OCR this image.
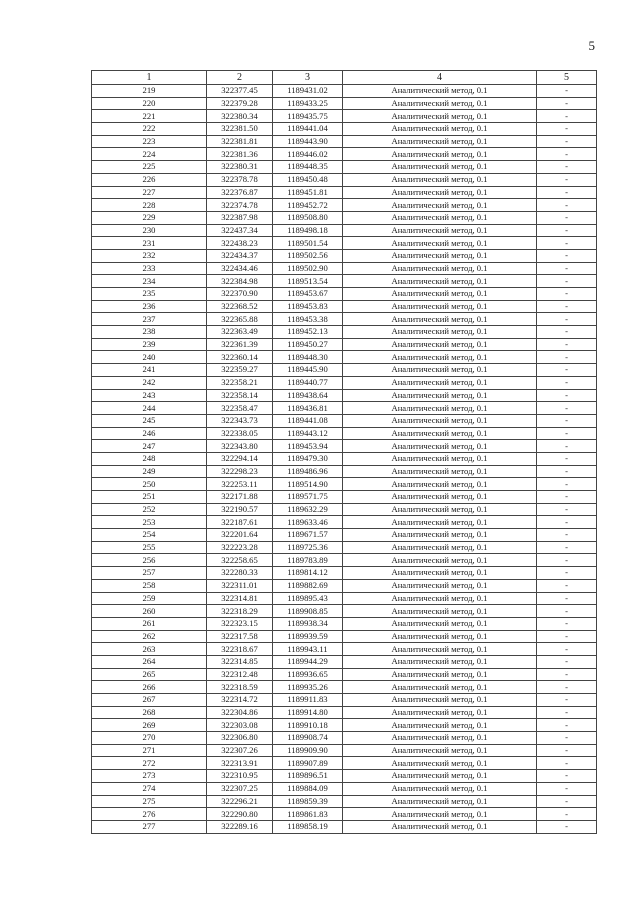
5
1	2	3	4	5
219	322377.45	1189431.02	Аналитический метод, 0.1	-
220	322379.28	1189433.25	Аналитический метод, 0.1	-
221	322380.34	1189435.75	Аналитический метод, 0.1	-
222	322381.50	1189441.04	Аналитический метод, 0.1	-
223	322381.81	1189443.90	Аналитический метод, 0.1	-
224	322381.36	1189446.02	Аналитический метод, 0.1	-
225	322380.31	1189448.35	Аналитический метод, 0.1	-
226	322378.78	1189450.48	Аналитический метод, 0.1	-
227	322376.87	1189451.81	Аналитический метод, 0.1	-
228	322374.78	1189452.72	Аналитический метод, 0.1	-
229	322387.98	1189508.80	Аналитический метод, 0.1	-
230	322437.34	1189498.18	Аналитический метод, 0.1	-
231	322438.23	1189501.54	Аналитический метод, 0.1	-
232	322434.37	1189502.56	Аналитический метод, 0.1	-
233	322434.46	1189502.90	Аналитический метод, 0.1	-
234	322384.98	1189513.54	Аналитический метод, 0.1	-
235	322370.90	1189453.67	Аналитический метод, 0.1	-
236	322368.52	1189453.83	Аналитический метод, 0.1	-
237	322365.88	1189453.38	Аналитический метод, 0.1	-
238	322363.49	1189452.13	Аналитический метод, 0.1	-
239	322361.39	1189450.27	Аналитический метод, 0.1	-
240	322360.14	1189448.30	Аналитический метод, 0.1	-
241	322359.27	1189445.90	Аналитический метод, 0.1	-
242	322358.21	1189440.77	Аналитический метод, 0.1	-
243	322358.14	1189438.64	Аналитический метод, 0.1	-
244	322358.47	1189436.81	Аналитический метод, 0.1	-
245	322343.73	1189441.08	Аналитический метод, 0.1	-
246	322338.05	1189443.12	Аналитический метод, 0.1	-
247	322343.80	1189453.94	Аналитический метод, 0.1	-
248	322294.14	1189479.30	Аналитический метод, 0.1	-
249	322298.23	1189486.96	Аналитический метод, 0.1	-
250	322253.11	1189514.90	Аналитический метод, 0.1	-
251	322171.88	1189571.75	Аналитический метод, 0.1	-
252	322190.57	1189632.29	Аналитический метод, 0.1	-
253	322187.61	1189633.46	Аналитический метод, 0.1	-
254	322201.64	1189671.57	Аналитический метод, 0.1	-
255	322223.28	1189725.36	Аналитический метод, 0.1	-
256	322258.65	1189783.89	Аналитический метод, 0.1	-
257	322280.33	1189814.12	Аналитический метод, 0.1	-
258	322311.01	1189882.69	Аналитический метод, 0.1	-
259	322314.81	1189895.43	Аналитический метод, 0.1	-
260	322318.29	1189908.85	Аналитический метод, 0.1	-
261	322323.15	1189938.34	Аналитический метод, 0.1	-
262	322317.58	1189939.59	Аналитический метод, 0.1	-
263	322318.67	1189943.11	Аналитический метод, 0.1	-
264	322314.85	1189944.29	Аналитический метод, 0.1	-
265	322312.48	1189936.65	Аналитический метод, 0.1	-
266	322318.59	1189935.26	Аналитический метод, 0.1	-
267	322314.72	1189911.83	Аналитический метод, 0.1	-
268	322304.86	1189914.80	Аналитический метод, 0.1	-
269	322303.08	1189910.18	Аналитический метод, 0.1	-
270	322306.80	1189908.74	Аналитический метод, 0.1	-
271	322307.26	1189909.90	Аналитический метод, 0.1	-
272	322313.91	1189907.89	Аналитический метод, 0.1	-
273	322310.95	1189896.51	Аналитический метод, 0.1	-
274	322307.25	1189884.09	Аналитический метод, 0.1	-
275	322296.21	1189859.39	Аналитический метод, 0.1	-
276	322290.80	1189861.83	Аналитический метод, 0.1	-
277	322289.16	1189858.19	Аналитический метод, 0.1	-
